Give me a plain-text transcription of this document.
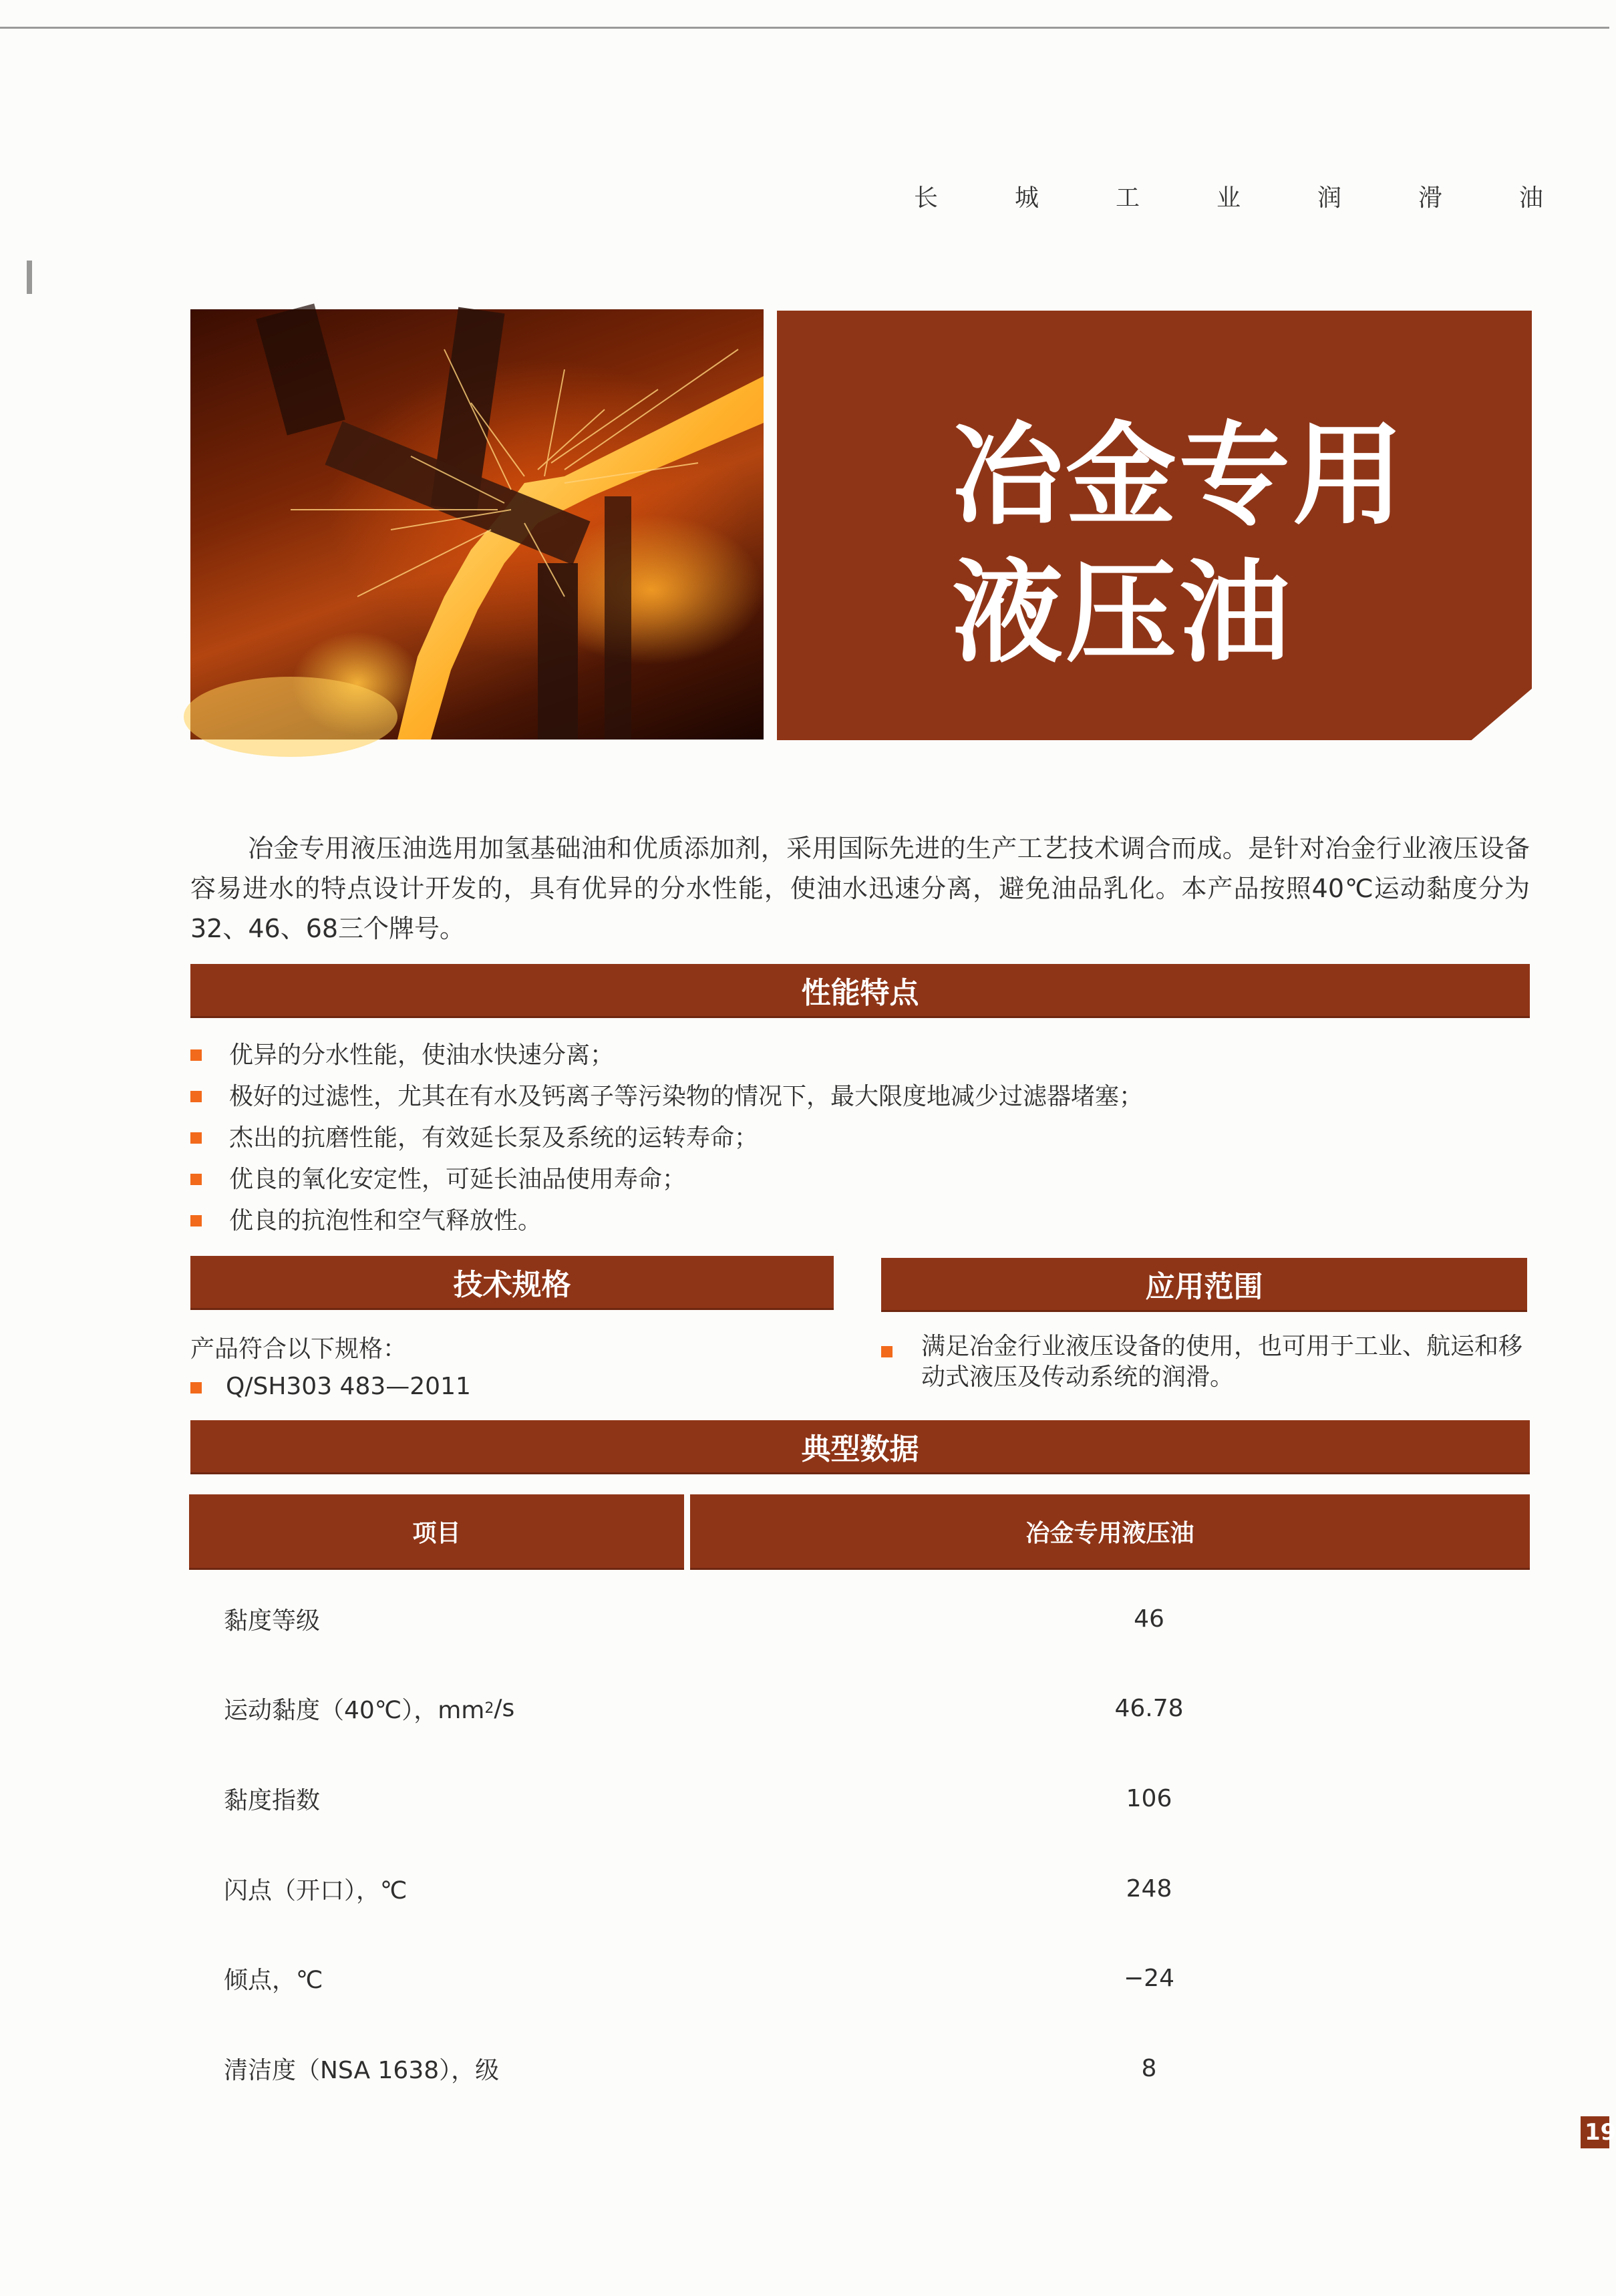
长	城	工	业	润	滑	油
冶金专用
液压油
冶金专用液压油选用加氢基础油和优质添加剂，采用国际先进的生产工艺技术调合而成。是针对冶金行业液压设备容易进水的特点设计开发的，具有优异的分水性能，使油水迅速分离，避免油品乳化。本产品按照40℃运动黏度分为32、46、68三个牌号。
性能特点
优异的分水性能，使油水快速分离；
极好的过滤性，尤其在有水及钙离子等污染物的情况下，最大限度地减少过滤器堵塞；
杰出的抗磨性能，有效延长泵及系统的运转寿命；
优良的氧化安定性，可延长油品使用寿命；
优良的抗泡性和空气释放性。
技术规格	应用范围
产品符合以下规格：
Q/SH303 483—2011
满足冶金行业液压设备的使用，也可用于工业、航运和移动式液压及传动系统的润滑。
典型数据
项目	冶金专用液压油
黏度等级	46
运动黏度（40℃），mm 2 /s	46.78
黏度指数	106
闪点（开口），℃	248
倾点，℃	−24
清洁度（NSA 1638），级	8
19
